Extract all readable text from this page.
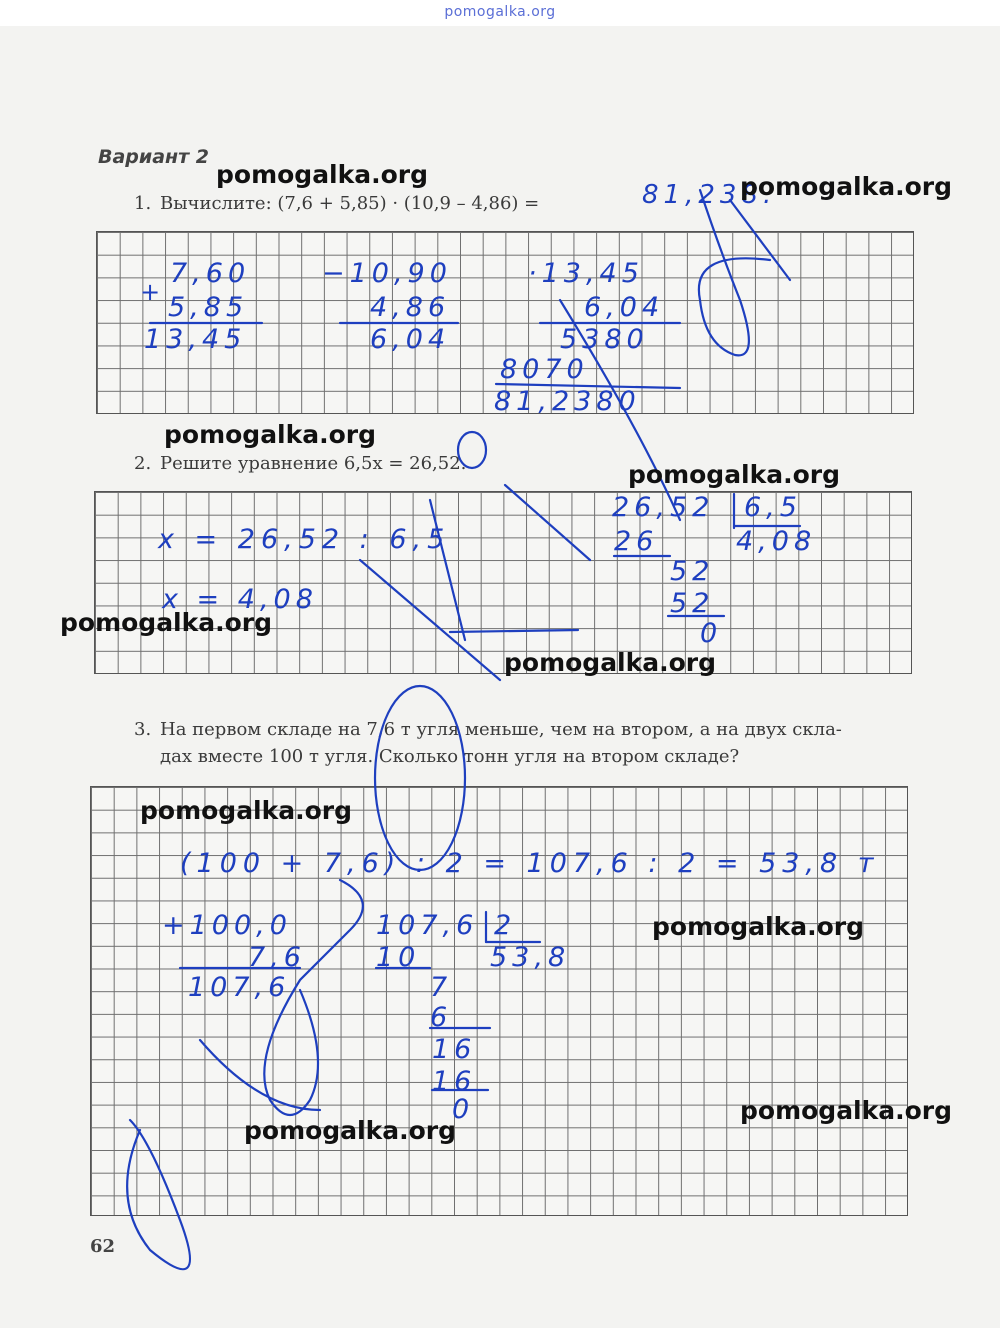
pomogalka.org
Вариант 2
1. Вычислите: (7,6 + 5,85) · (10,9 – 4,86) =	81,238.
+
7,60
5,85
13,45
−10,90
4,86
6,04
·13,45
6,04
5380
8070
81,2380
2. Решите уравнение 6,5x = 26,52.
x = 26,52 : 6,5
x = 4,08
26,52 6,5
26	4,08
52
52
0
3. На первом складе на 7,6 т угля меньше, чем на втором, а на двух скла-
дах вместе 100 т угля. Сколько тонн угля на втором складе?
(100 + 7,6) : 2 = 107,6 : 2 = 53,8 т
+100,0
7,6
107,6
107,6 2
10	53,8
7
6
16
16
0
pomogalka.org	pomogalka.org
pomogalka.org
pomogalka.org
pomogalka.org
pomogalka.org
pomogalka.org
pomogalka.org
pomogalka.org
pomogalka.org
62
